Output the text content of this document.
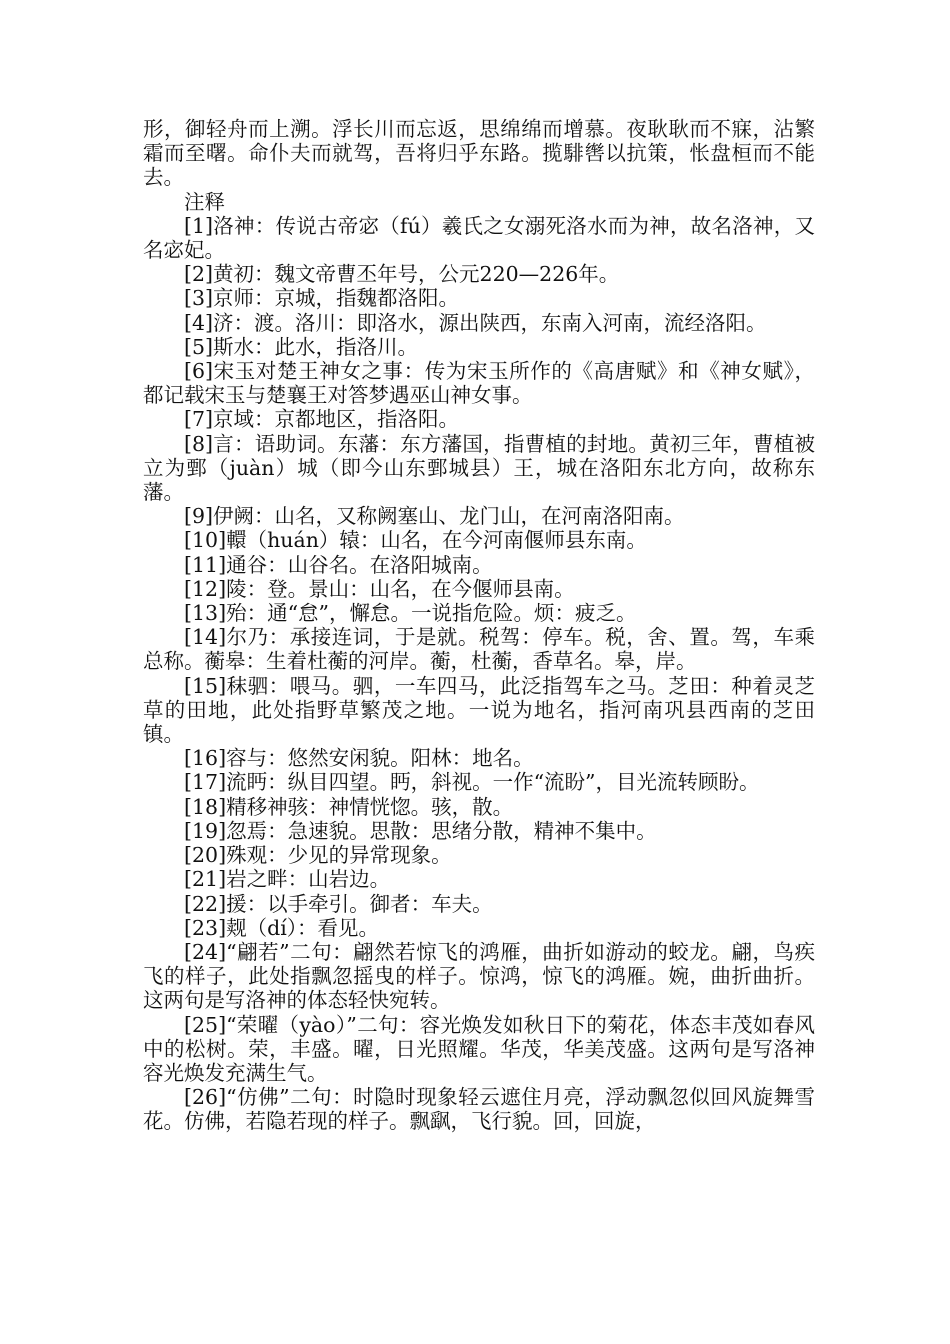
形，御轻舟而上溯。浮长川而忘返，思绵绵而增慕。夜耿耿而不寐，沾繁霜而至曙。命仆夫而就驾，吾将归乎东路。揽騑辔以抗策，怅盘桓而不能去。

注释

[1]洛神：传说古帝宓（fú）羲氏之女溺死洛水而为神，故名洛神，又名宓妃。

[2]黄初：魏文帝曹丕年号，公元220—226年。

[3]京师：京城，指魏都洛阳。

[4]济：渡。洛川：即洛水，源出陕西，东南入河南，流经洛阳。

[5]斯水：此水，指洛川。

[6]宋玉对楚王神女之事：传为宋玉所作的《高唐赋》和《神女赋》，都记载宋玉与楚襄王对答梦遇巫山神女事。

[7]京域：京都地区，指洛阳。

[8]言：语助词。东藩：东方藩国，指曹植的封地。黄初三年，曹植被立为鄄（juàn）城（即今山东鄄城县）王，城在洛阳东北方向，故称东藩。

[9]伊阙：山名，又称阙塞山、龙门山，在河南洛阳南。

[10]轘（huán）辕：山名，在今河南偃师县东南。

[11]通谷：山谷名。在洛阳城南。

[12]陵：登。景山：山名，在今偃师县南。

[13]殆：通“怠”，懈怠。一说指危险。烦：疲乏。

[14]尔乃：承接连词，于是就。税驾：停车。税，舍、置。驾，车乘总称。蘅皋：生着杜蘅的河岸。蘅，杜蘅，香草名。皋，岸。

[15]秣驷：喂马。驷，一车四马，此泛指驾车之马。芝田：种着灵芝草的田地，此处指野草繁茂之地。一说为地名，指河南巩县西南的芝田镇。

[16]容与：悠然安闲貌。阳林：地名。

[17]流眄：纵目四望。眄，斜视。一作“流盼”，目光流转顾盼。

[18]精移神骇：神情恍惚。骇，散。

[19]忽焉：急速貌。思散：思绪分散，精神不集中。

[20]殊观：少见的异常现象。

[21]岩之畔：山岩边。

[22]援：以手牵引。御者：车夫。

[23]觌（dí）：看见。

[24]“翩若”二句：翩然若惊飞的鸿雁，曲折如游动的蛟龙。翩，鸟疾飞的样子，此处指飘忽摇曳的样子。惊鸿，惊飞的鸿雁。婉，曲折曲折。这两句是写洛神的体态轻快宛转。

[25]“荣曜（yào）”二句：容光焕发如秋日下的菊花，体态丰茂如春风中的松树。荣，丰盛。曜，日光照耀。华茂，华美茂盛。这两句是写洛神容光焕发充满生气。

[26]“仿佛”二句：时隐时现象轻云遮住月亮，浮动飘忽似回风旋舞雪花。仿佛，若隐若现的样子。飘飖，飞行貌。回，回旋，
